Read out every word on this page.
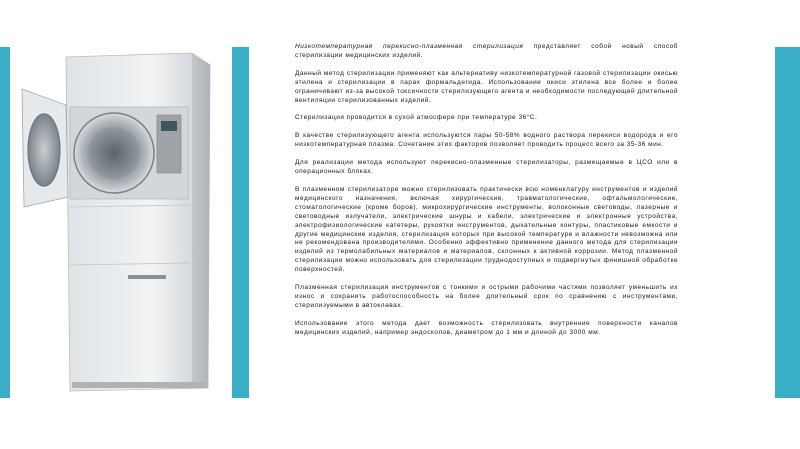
Низкотемпературная перекисно-плазменная стерилизация представляет собой новый способ стерилизации медицинских изделий.

Данный метод стерилизации применяют как альтернативу низкотемпературной газовой стерилизации окисью этилена и стерилизации в парах формальдегида. Использование окиси этилена все более и более ограничивают из-за высокой токсичности стерилизующего агента и необходимости последующей длительной вентиляции стерилизованных изделий.

Стерилизация проводится в сухой атмосфере при температуре 36°С.

В качестве стерилизующего агента используются пары 50-58% водного раствора перекиси водорода и его низкотемпературная плазма. Сочетание этих факторов позволяет проводить процесс всего за 35-36 мин.

Для реализации метода используют перекисно-плазменные стерилизаторы, размещаемые в ЦСО или в операционных блоках.

В плазменном стерилизаторе можно стерилизовать практически всю номенклатуру инструментов и изделий медицинского назначения, включая хирургические, травматологические, офтальмологические, стоматологические (кроме боров), микрохирургические инструменты, волоконные световоды, лазерные и световодные излучатели, электрические шнуры и кабели, электрические и электронные устройства, электрофизиологические катетеры, рукоятки инструментов, дыхательные контуры, пластиковые емкости и другие медицинские изделия, стерилизация которых при высокой температуре и влажности невозможна или не рекомендована производителями. Особенно эффективно применение данного метода для стерилизации изделий из термолабильных материалов и материалов, склонных к активной коррозии. Метод плазменной стерилизации можно использовать для стерилизации труднодоступных и подвергнутых финишной обработке поверхностей.

Плазменная стерилизация инструментов с тонкими и острыми рабочими частями позволяет уменьшить их износ и сохранить работоспособность на более длительный срок по сравнению с инструментами, стерилизуемыми в автоклавах.

Использование этого метода дает возможность стерилизовать внутренние поверхности каналов медицинских изделий, например эндоскопов, диаметром до 1 мм и длиной до 3000 мм.
